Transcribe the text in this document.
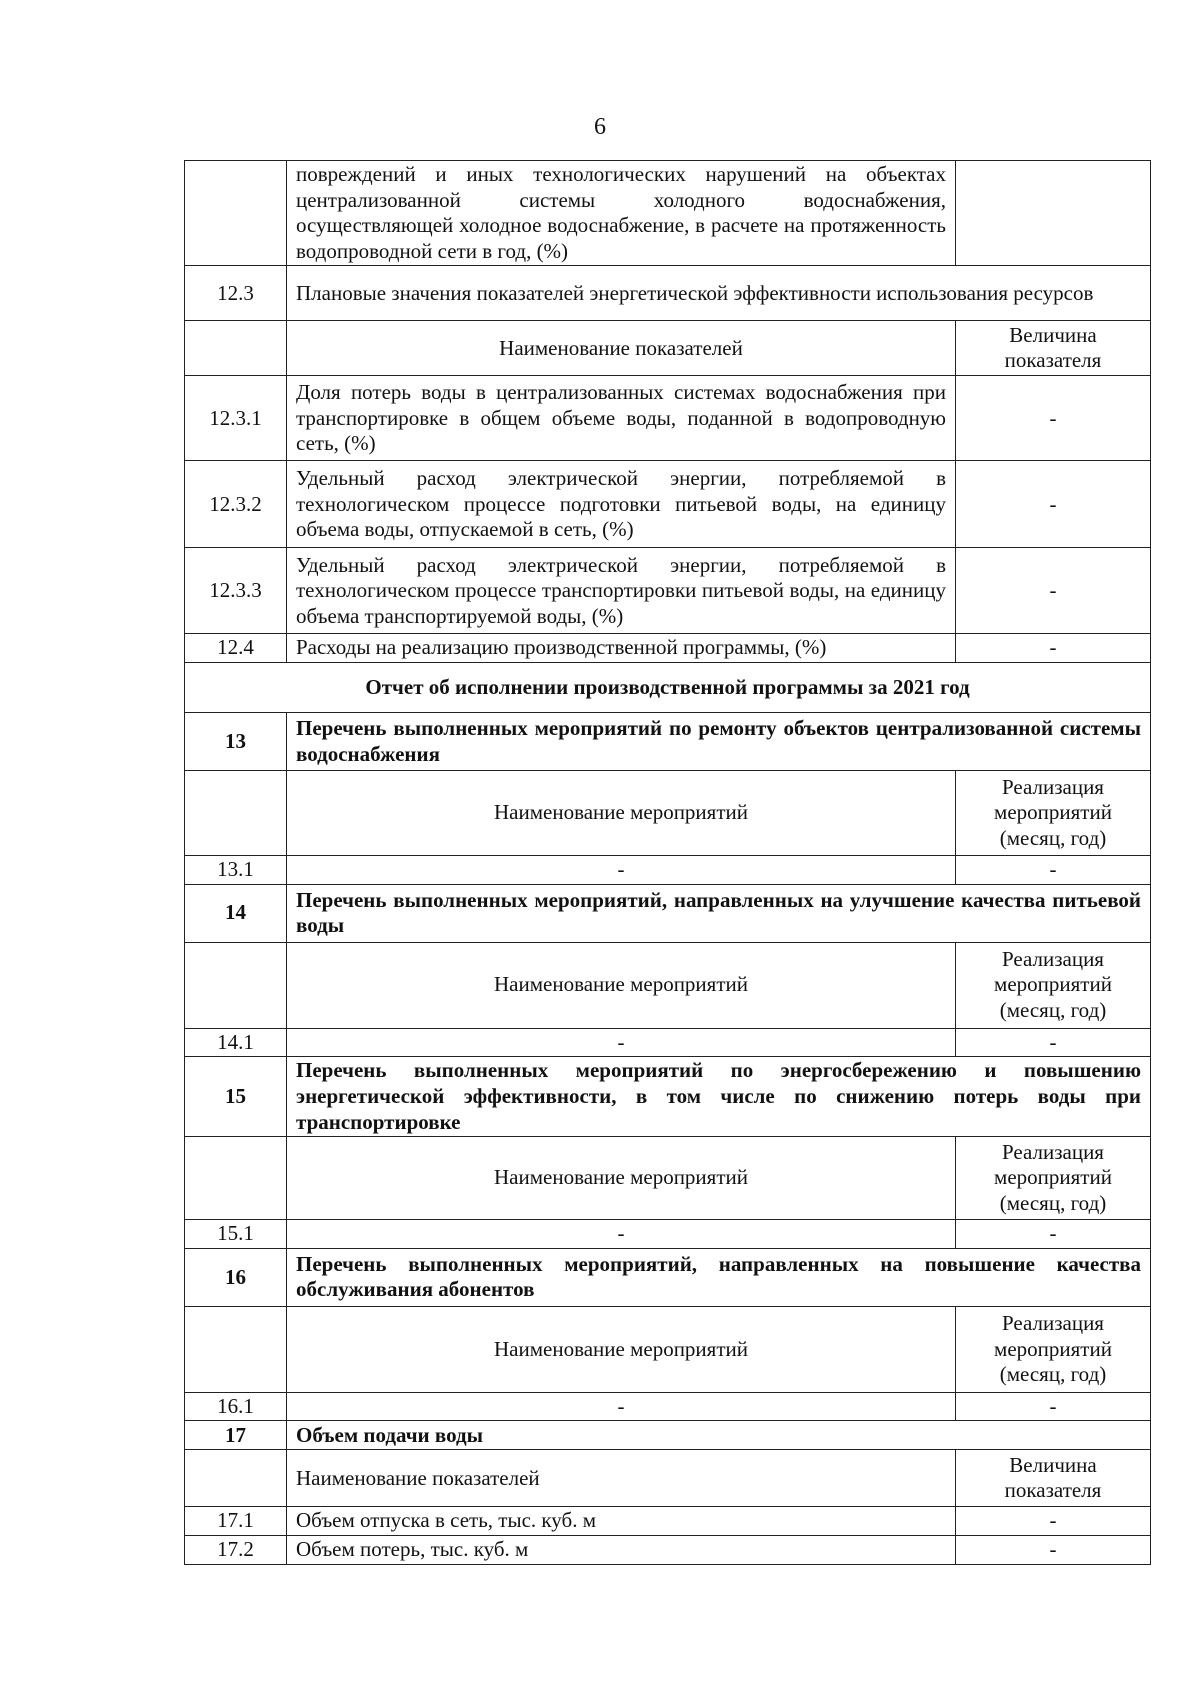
6
	повреждений и иных технологических нарушений на объектах централизованной системы холодного водоснабжения, осуществляющей холодное водоснабжение, в расчете на протяженность водопроводной сети в год, (%)	
12.3	Плановые значения показателей энергетической эффективности использования ресурсов	
	Наименование показателей	Величина показателя
12.3.1	Доля потерь воды в централизованных системах водоснабжения при транспортировке в общем объеме воды, поданной в водопроводную сеть, (%)	-
12.3.2	Удельный расход электрической энергии, потребляемой в технологическом процессе подготовки питьевой воды, на единицу объема воды, отпускаемой в сеть, (%)	-
12.3.3	Удельный расход электрической энергии, потребляемой в технологическом процессе транспортировки питьевой воды, на единицу объема транспортируемой воды, (%)	-
12.4	Расходы на реализацию производственной программы, (%)	-
Отчет об исполнении производственной программы за 2021 год		
13	Перечень выполненных мероприятий по ремонту объектов централизованной системы водоснабжения	
	Наименование мероприятий	Реализация мероприятий (месяц, год)
13.1	-	-
14	Перечень выполненных мероприятий, направленных на улучшение качества питьевой воды	
	Наименование мероприятий	Реализация мероприятий (месяц, год)
14.1	-	-
15	Перечень выполненных мероприятий по энергосбережению и повышению энергетической эффективности, в том числе по снижению потерь воды при транспортировке	
	Наименование мероприятий	Реализация мероприятий (месяц, год)
15.1	-	-
16	Перечень выполненных мероприятий, направленных на повышение качества обслуживания абонентов	
	Наименование мероприятий	Реализация мероприятий (месяц, год)
16.1	-	-
17	Объем подачи воды	
	Наименование показателей	Величина показателя
17.1	Объем отпуска в сеть, тыс. куб. м	-
17.2	Объем потерь, тыс. куб. м	-
